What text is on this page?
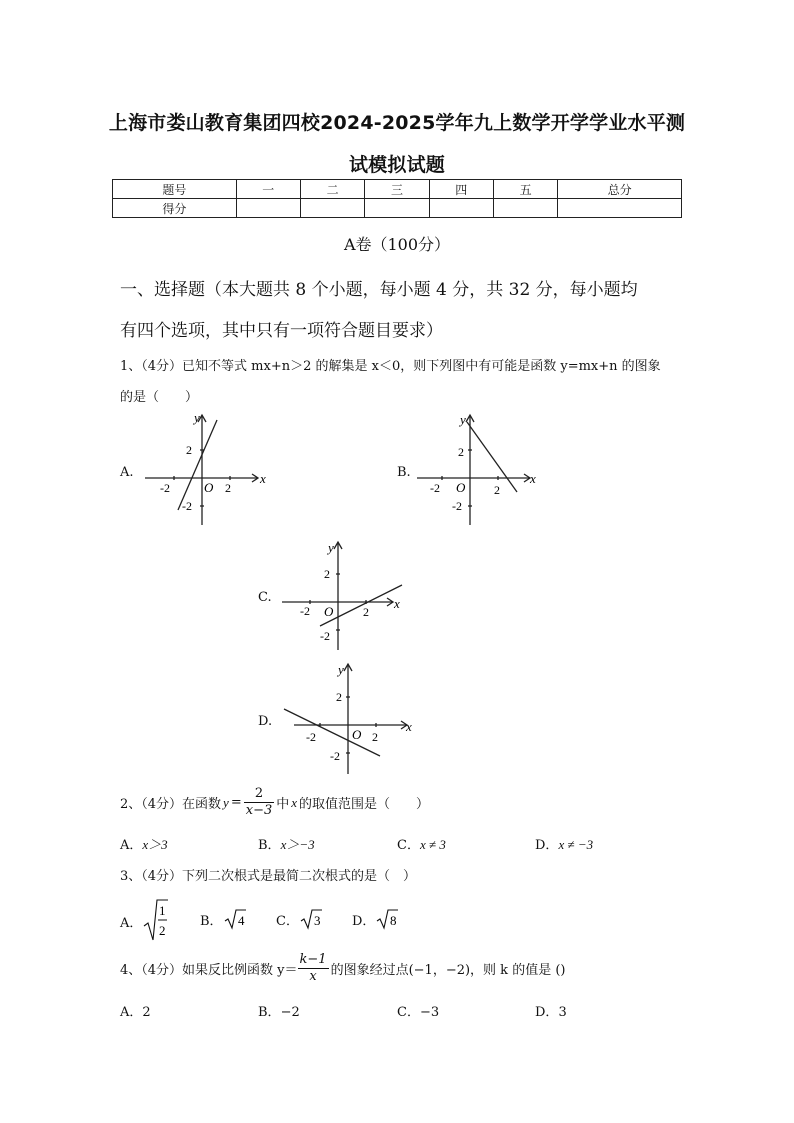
上海市娄山教育集团四校2024-2025学年九上数学开学学业水平测
试模拟试题
题号	一	二	三	四	五	总分
得分						
A卷（100分）
一、选择题（本大题共 8 个小题，每小题 4 分，共 32 分，每小题均
有四个选项，其中只有一项符合题目要求）
1、（4分）已知不等式 mx+n＞2 的解集是 x＜0，则下列图中有可能是函数 y=mx+n 的图象
的是（　　）
A.
y
x
O
-2	2
2
-2
B.
y
x
O
-2	2
2
-2
C.
y
x
O
-2	2
2
-2
D.
y
x
O
-2	2
2
-2
2、（4分）在函数 $y = \frac{2}{x-3}$ 中 x 的取值范围是（　　）
A．x＞3	B．x＞−3	C．x ≠ 3	D．x ≠ −3
3、（4分）下列二次根式是最简二次根式的是（　）
A．
1
2
B． 4 C． 3 D． 8
4、（4分）如果反比例函数 $y= \frac{k-1}{x}$ 的图象经过点(−1，−2)，则 k 的值是 ()
A．2	B．−2	C．−3	D．3
